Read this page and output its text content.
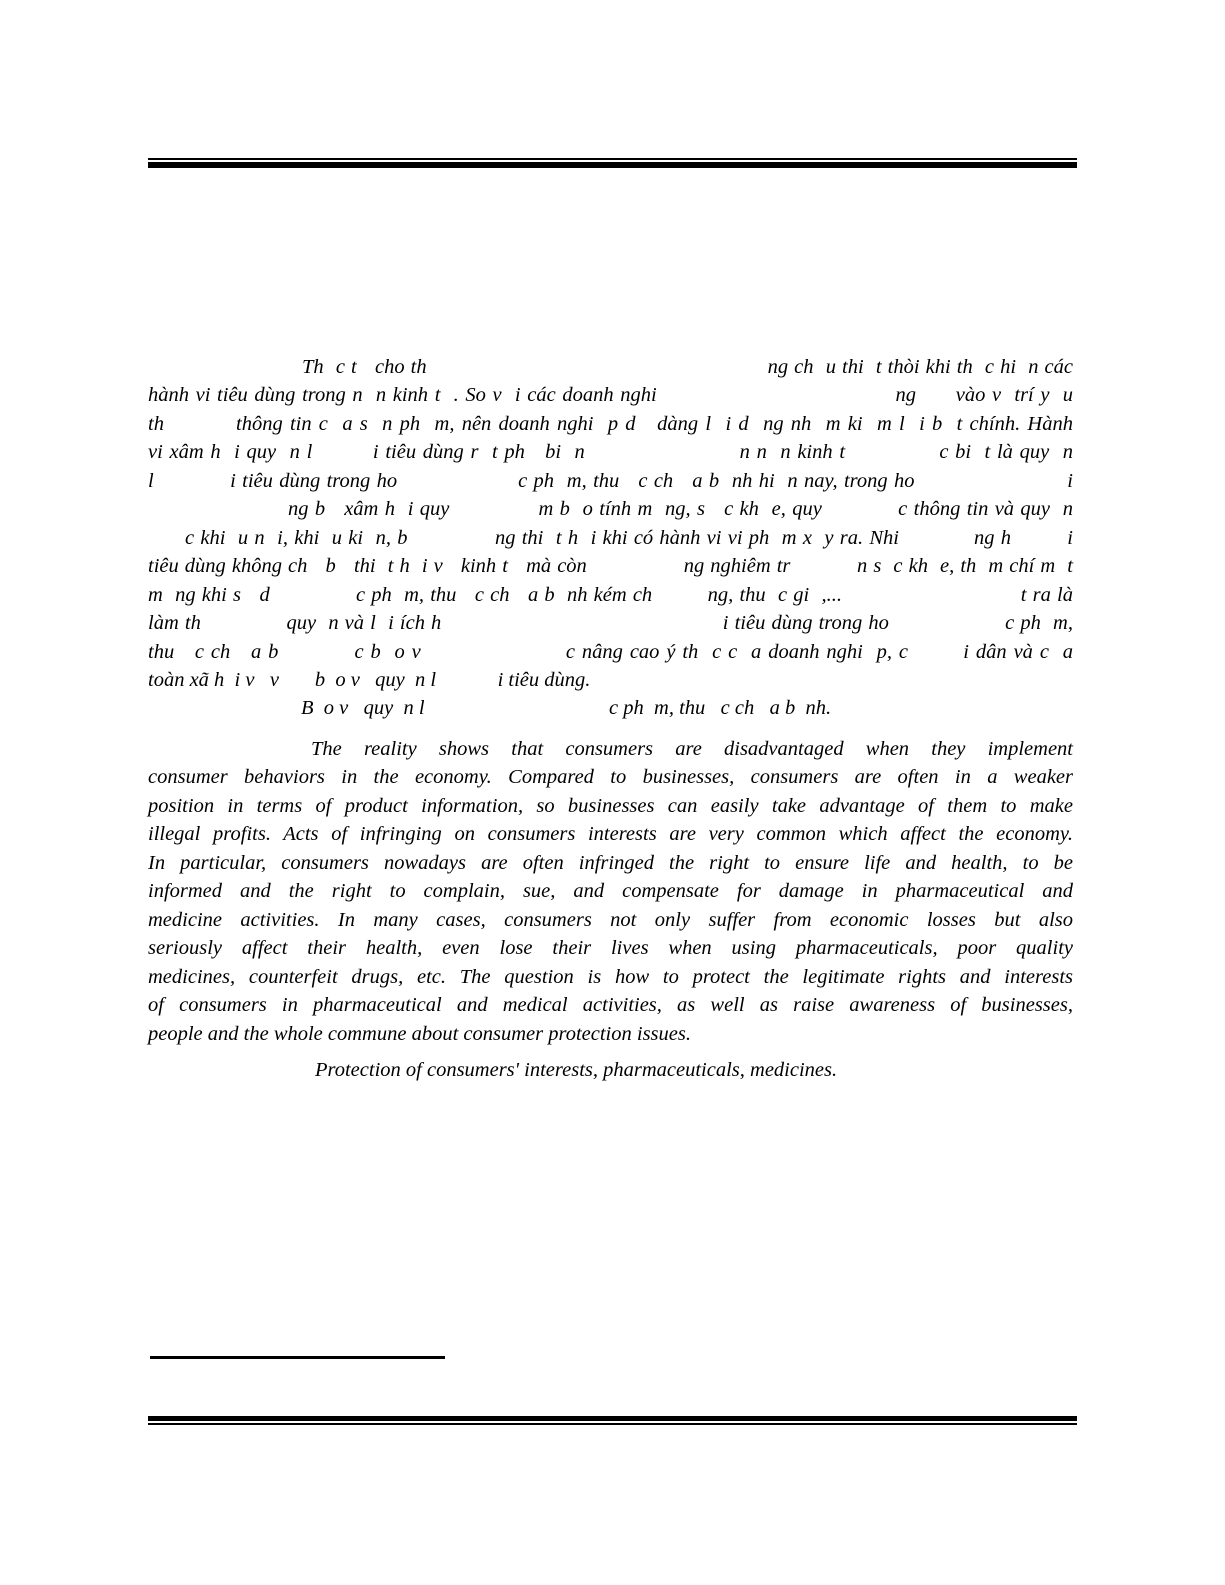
Th  c t   cho th                                                        ng ch  u thi  t thòi khi th  c hi  n các
hành vi tiêu dùng trong n  n kinh t  . So v  i các doanh nghi                                    ng      vào v  trí y  u
th          thông tin c  a s  n ph  m, nên doanh nghi  p d   dàng l  i d  ng nh  m ki  m l  i b  t chính. Hành
vi xâm h  i quy  n l         i tiêu dùng r  t ph   bi  n                       n n  n kinh t              c bi  t là quy  n
l            i tiêu dùng trong ho                   c ph  m, thu   c ch   a b  nh hi  n nay, trong ho                        i
ng b   xâm h  i quy              m b  o tính m  ng, s   c kh  e, quy            c thông tin và quy  n
c khi  u n  i, khi  u ki  n, b              ng thi  t h  i khi có hành vi vi ph  m x  y ra. Nhi            ng h         i
tiêu dùng không ch   b   thi  t h  i v   kinh t   mà còn                ng nghiêm tr           n s  c kh  e, th  m chí m  t
m  ng khi s   d              c ph  m, thu   c ch   a b  nh kém ch         ng, thu  c gi  ,...                             t ra là
làm th              quy  n và l  i ích h                                              i tiêu dùng trong ho                   c ph  m,
thu   c ch   a b           c b  o v                     c nâng cao ý th  c c  a doanh nghi  p, c        i dân và c  a
toàn xã h  i v   v       b  o v   quy  n l            i tiêu dùng.
B  o v   quy  n l                                    c ph  m, thu   c ch   a b  nh.
The reality shows that consumers are disadvantaged when they implement
consumer behaviors in the economy. Compared to businesses, consumers are often in a weaker
position in terms of product information, so businesses can easily take advantage of them to make
illegal profits. Acts of infringing on consumers interests are very common which affect the economy.
In particular, consumers nowadays are often infringed the right to ensure life and health, to be
informed and the right to complain, sue, and compensate for damage in pharmaceutical and
medicine activities. In many cases, consumers not only suffer from economic losses but also
seriously affect their health, even lose their lives when using pharmaceuticals, poor quality
medicines, counterfeit drugs, etc. The question is how to protect the legitimate rights and interests
of consumers in pharmaceutical and medical activities, as well as raise awareness of businesses,
people and the whole commune about consumer protection issues.
Protection of consumers' interests, pharmaceuticals, medicines.
